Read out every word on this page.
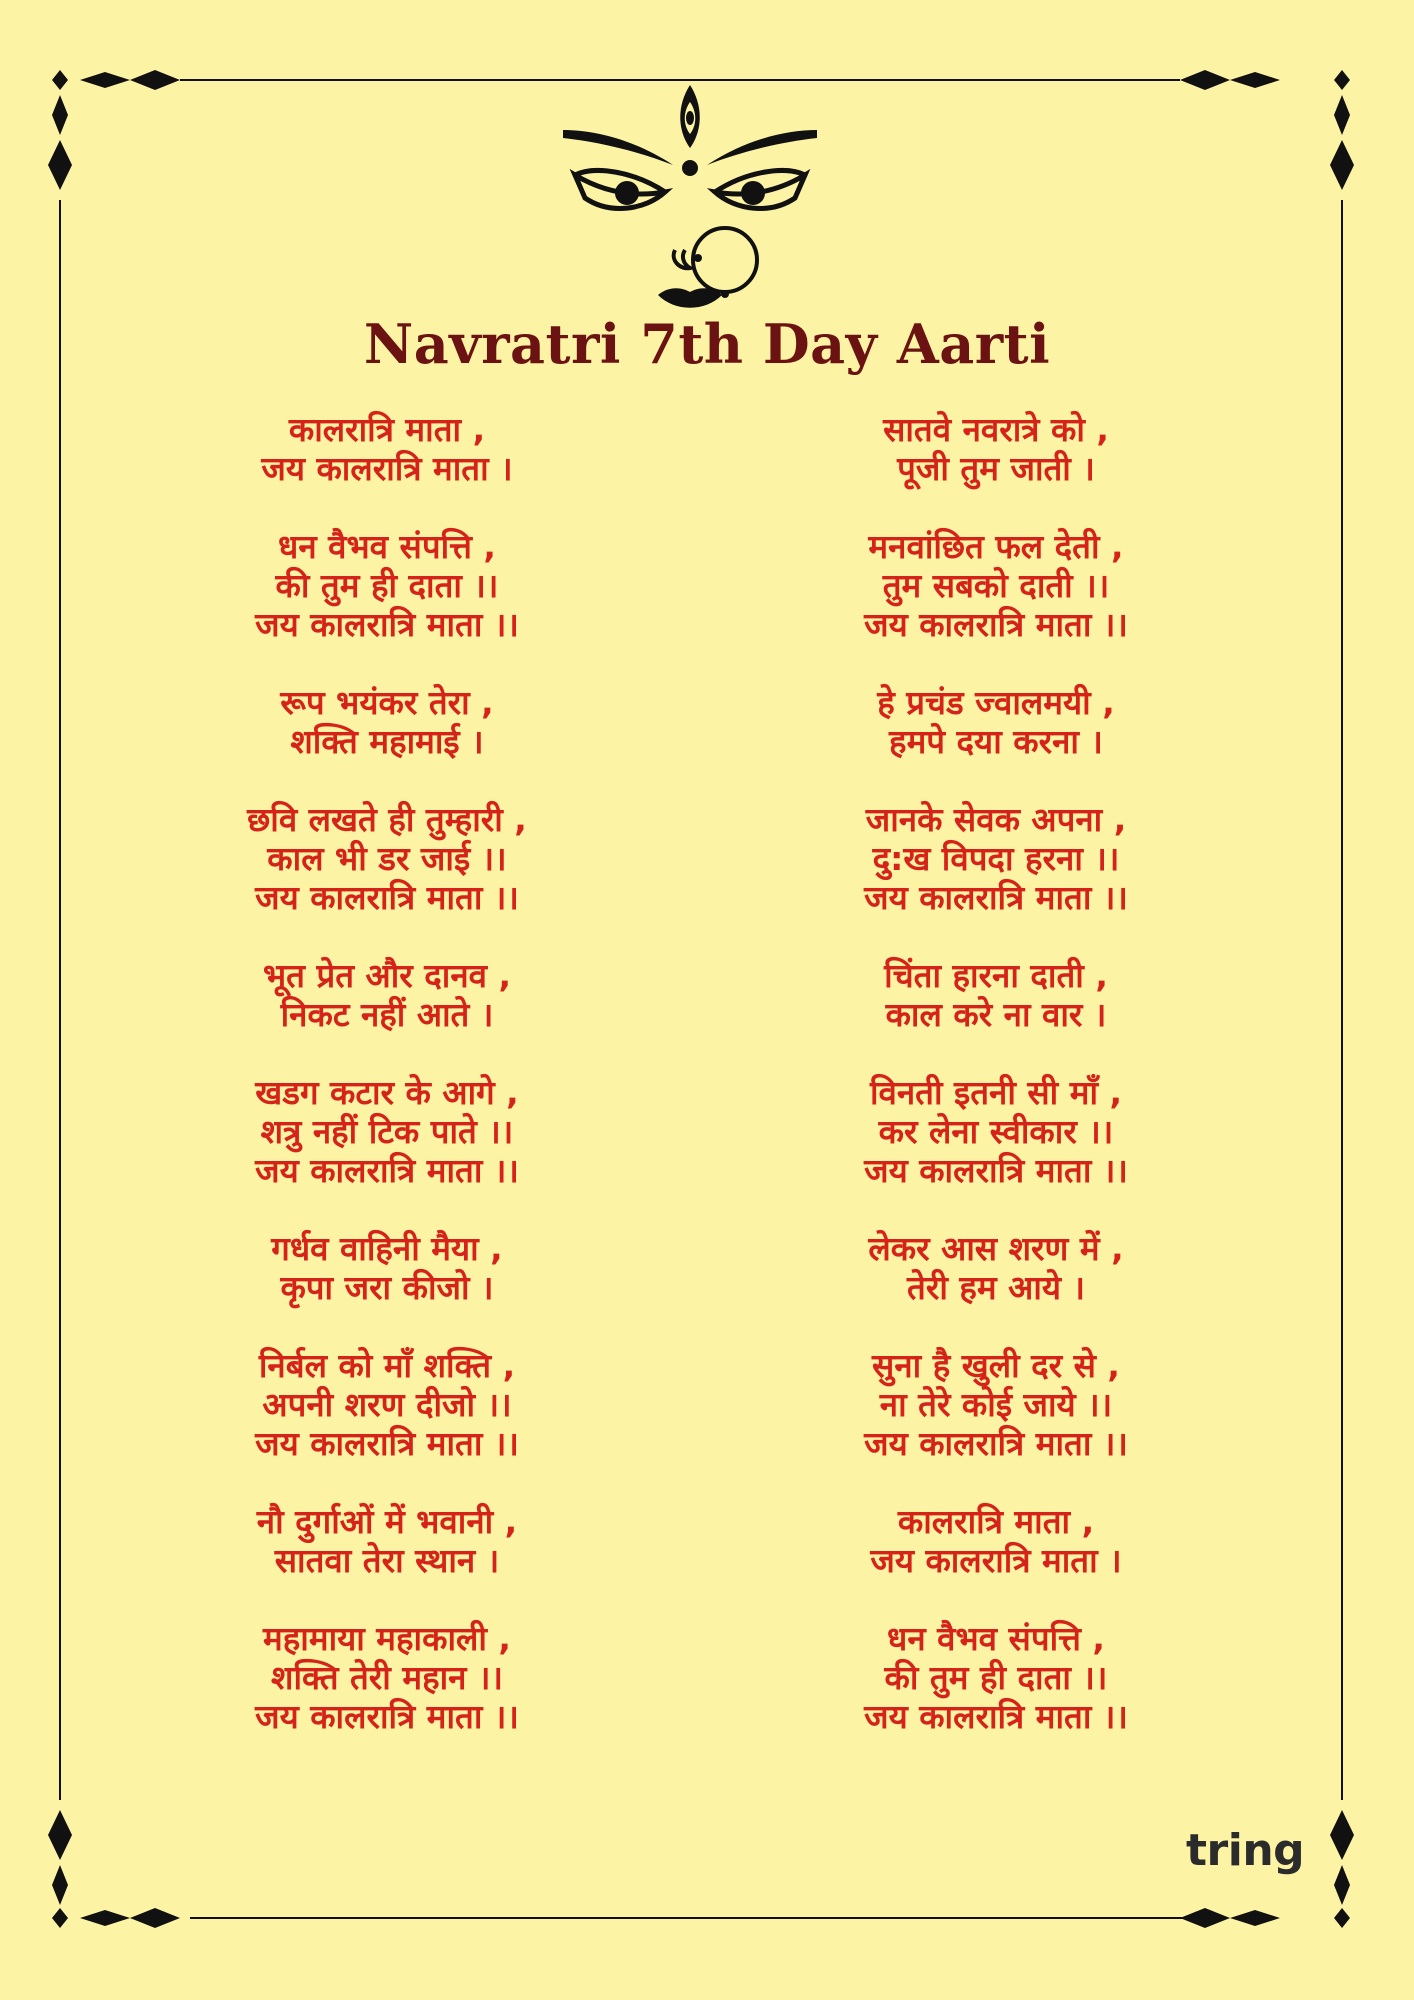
Navratri 7th Day Aarti
कालरात्रि माता ,
जय कालरात्रि माता ।
धन वैभव संपत्ति ,
की तुम ही दाता ।।
जय कालरात्रि माता ।।
रूप भयंकर तेरा ,
शक्ति महामाई ।
छवि लखते ही तुम्हारी ,
काल भी डर जाई ।।
जय कालरात्रि माता ।।
भूत प्रेत और दानव ,
निकट नहीं आते ।
खडग कटार के आगे ,
शत्रु नहीं टिक पाते ।।
जय कालरात्रि माता ।।
गर्धव वाहिनी मैया ,
कृपा जरा कीजो ।
निर्बल को माँ शक्ति ,
अपनी शरण दीजो ।।
जय कालरात्रि माता ।।
नौ दुर्गाओं में भवानी ,
सातवा तेरा स्थान ।
महामाया महाकाली ,
शक्ति तेरी महान ।।
जय कालरात्रि माता ।।
सातवे नवरात्रे को ,
पूजी तुम जाती ।
मनवांछित फल देती ,
तुम सबको दाती ।।
जय कालरात्रि माता ।।
हे प्रचंड ज्वालमयी ,
हमपे दया करना ।
जानके सेवक अपना ,
दु:ख विपदा हरना ।।
जय कालरात्रि माता ।।
चिंता हारना दाती ,
काल करे ना वार ।
विनती इतनी सी माँ ,
कर लेना स्वीकार ।।
जय कालरात्रि माता ।।
लेकर आस शरण में ,
तेरी हम आये ।
सुना है खुली दर से ,
ना तेरे कोई जाये ।।
जय कालरात्रि माता ।।
कालरात्रि माता ,
जय कालरात्रि माता ।
धन वैभव संपत्ति ,
की तुम ही दाता ।।
जय कालरात्रि माता ।।
tring
